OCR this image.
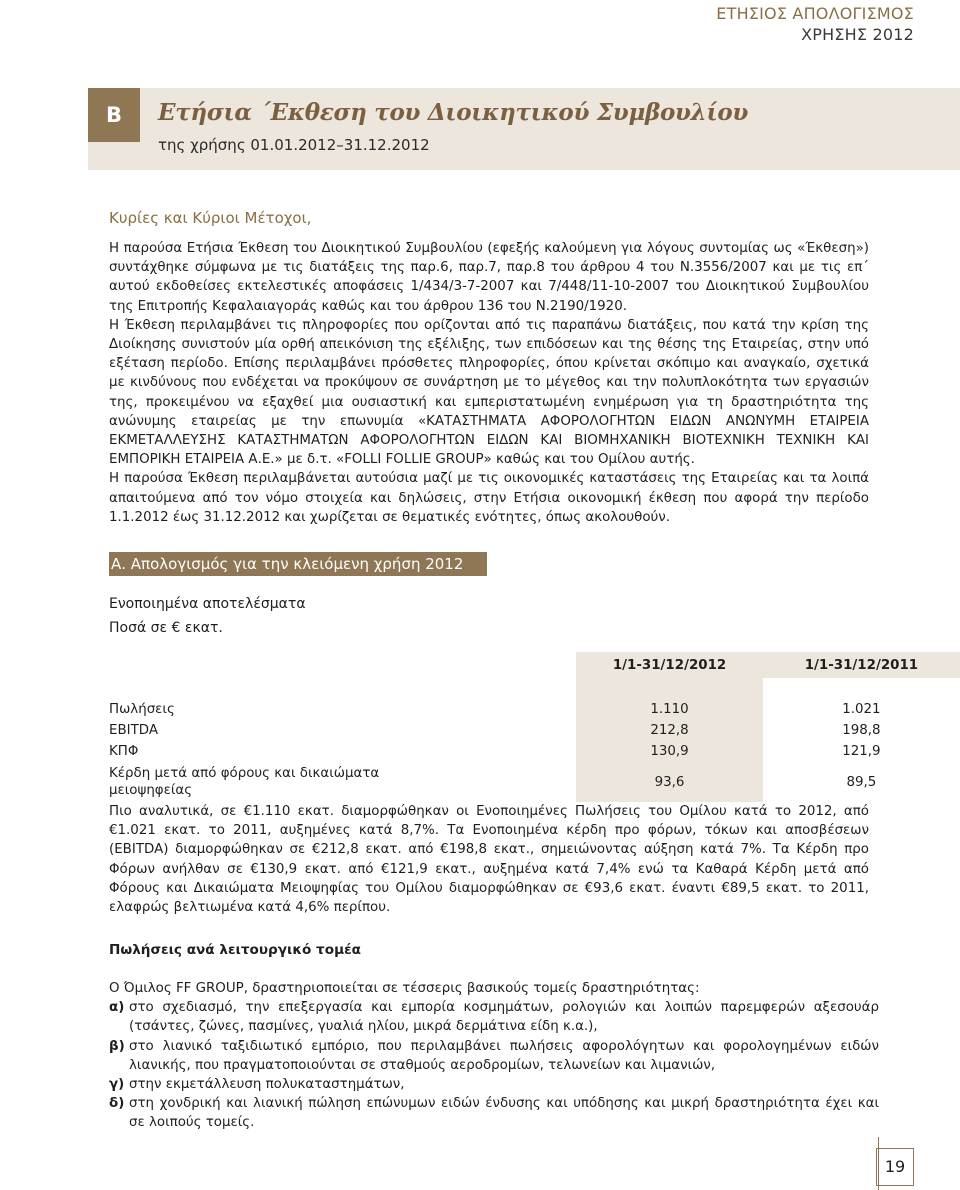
ΕΤΗΣΙΟΣ ΑΠΟΛΟΓΙΣΜΟΣ
ΧΡΗΣΗΣ 2012
B	Ετήσια ΄Εκθεση του Διοικητικού Συμβουλίου
της χρήσης 01.01.2012–31.12.2012
Κυρίες και Κύριοι Μέτοχοι,

Η παρούσα Ετήσια Έκθεση του Διοικητικού Συμβουλίου (εφεξής καλούμενη για λόγους συντομίας ως «Έκθεση») συντάχθηκε σύμφωνα με τις διατάξεις της παρ.6, παρ.7, παρ.8 του άρθρου 4 του Ν.3556/2007 και με τις επ΄ αυτού εκδοθείσες εκτελεστικές αποφάσεις 1/434/3-7-2007 και 7/448/11-10-2007 του Διοικητικού Συμβουλίου της Επιτροπής Κεφαλαιαγοράς καθώς και του άρθρου 136 του Ν.2190/1920.

Η Έκθεση περιλαμβάνει τις πληροφορίες που ορίζονται από τις παραπάνω διατάξεις, που κατά την κρίση της Διοίκησης συνιστούν μία ορθή απεικόνιση της εξέλιξης, των επιδόσεων και της θέσης της Εταιρείας, στην υπό εξέταση περίοδο. Επίσης περιλαμβάνει πρόσθετες πληροφορίες, όπου κρίνεται σκόπιμο και αναγκαίο, σχετικά με κινδύνους που ενδέχεται να προκύψουν σε συνάρτηση με το μέγεθος και την πολυπλοκότητα των εργασιών της, προκειμένου να εξαχθεί μια ουσιαστική και εμπεριστατωμένη ενημέρωση για τη δραστηριότητα της ανώνυμης εταιρείας με την επωνυμία «ΚΑΤΑΣΤΗΜΑΤΑ ΑΦΟΡΟΛΟΓΗΤΩΝ ΕΙΔΩΝ ΑΝΩΝΥΜΗ ΕΤΑΙΡΕΙΑ ΕΚΜΕΤΑΛΛΕΥΣΗΣ ΚΑΤΑΣΤΗΜΑΤΩΝ ΑΦΟΡΟΛΟΓΗΤΩΝ ΕΙΔΩΝ ΚΑΙ ΒΙΟΜΗΧΑΝΙΚΗ ΒΙΟΤΕΧΝΙΚΗ ΤΕΧΝΙΚΗ ΚΑΙ ΕΜΠΟΡΙΚΗ ΕΤΑΙΡΕΙΑ Α.Ε.» με δ.τ. «FOLLI FOLLIE GROUP» καθώς και του Ομίλου αυτής.

Η παρούσα Έκθεση περιλαμβάνεται αυτούσια μαζί με τις οικονομικές καταστάσεις της Εταιρείας και τα λοιπά απαιτούμενα από τον νόμο στοιχεία και δηλώσεις, στην Ετήσια οικονομική έκθεση που αφορά την περίοδο 1.1.2012 έως 31.12.2012 και χωρίζεται σε θεματικές ενότητες, όπως ακολουθούν.

Α. Απολογισμός για την κλειόμενη χρήση 2012
Ενοποιημένα αποτελέσματα
Ποσά σε € εκατ.
	1/1-31/12/2012	1/1-31/12/2011

Πωλήσεις	1.110	1.021
EBITDA	212,8	198,8
ΚΠΦ	130,9	121,9
Κέρδη μετά από φόρους και δικαιώματα μειοψηφείας	93,6	89,5

Πιο αναλυτικά, σε €1.110 εκατ. διαμορφώθηκαν οι Ενοποιημένες Πωλήσεις του Ομίλου κατά το 2012, από €1.021 εκατ. το 2011, αυξημένες κατά 8,7%. Τα Ενοποιημένα κέρδη προ φόρων, τόκων και αποσβέσεων (EBITDA) διαμορφώθηκαν σε €212,8 εκατ. από €198,8 εκατ., σημειώνοντας αύξηση κατά 7%. Τα Κέρδη προ Φόρων ανήλθαν σε €130,9 εκατ. από €121,9 εκατ., αυξημένα κατά 7,4% ενώ τα Καθαρά Κέρδη μετά από Φόρους και Δικαιώματα Μειοψηφίας του Ομίλου διαμορφώθηκαν σε €93,6 εκατ. έναντι €89,5 εκατ. το 2011, ελαφρώς βελτιωμένα κατά 4,6% περίπου.

Πωλήσεις ανά λειτουργικό τομέα
Ο Όμιλος FF GROUP, δραστηριοποιείται σε τέσσερις βασικούς τομείς δραστηριότητας:
α) στο σχεδιασμό, την επεξεργασία και εμπορία κοσμημάτων, ρολογιών και λοιπών παρεμφερών αξεσουάρ (τσάντες, ζώνες, πασμίνες, γυαλιά ηλίου, μικρά δερμάτινα είδη κ.α.),
β) στο λιανικό ταξιδιωτικό εμπόριο, που περιλαμβάνει πωλήσεις αφορολόγητων και φορολογημένων ειδών λιανικής, που πραγματοποιούνται σε σταθμούς αεροδρομίων, τελωνείων και λιμανιών,
γ) στην εκμετάλλευση πολυκαταστημάτων,
δ) στη χονδρική και λιανική πώληση επώνυμων ειδών ένδυσης και υπόδησης και μικρή δραστηριότητα έχει και σε λοιπούς τομείς.
19
